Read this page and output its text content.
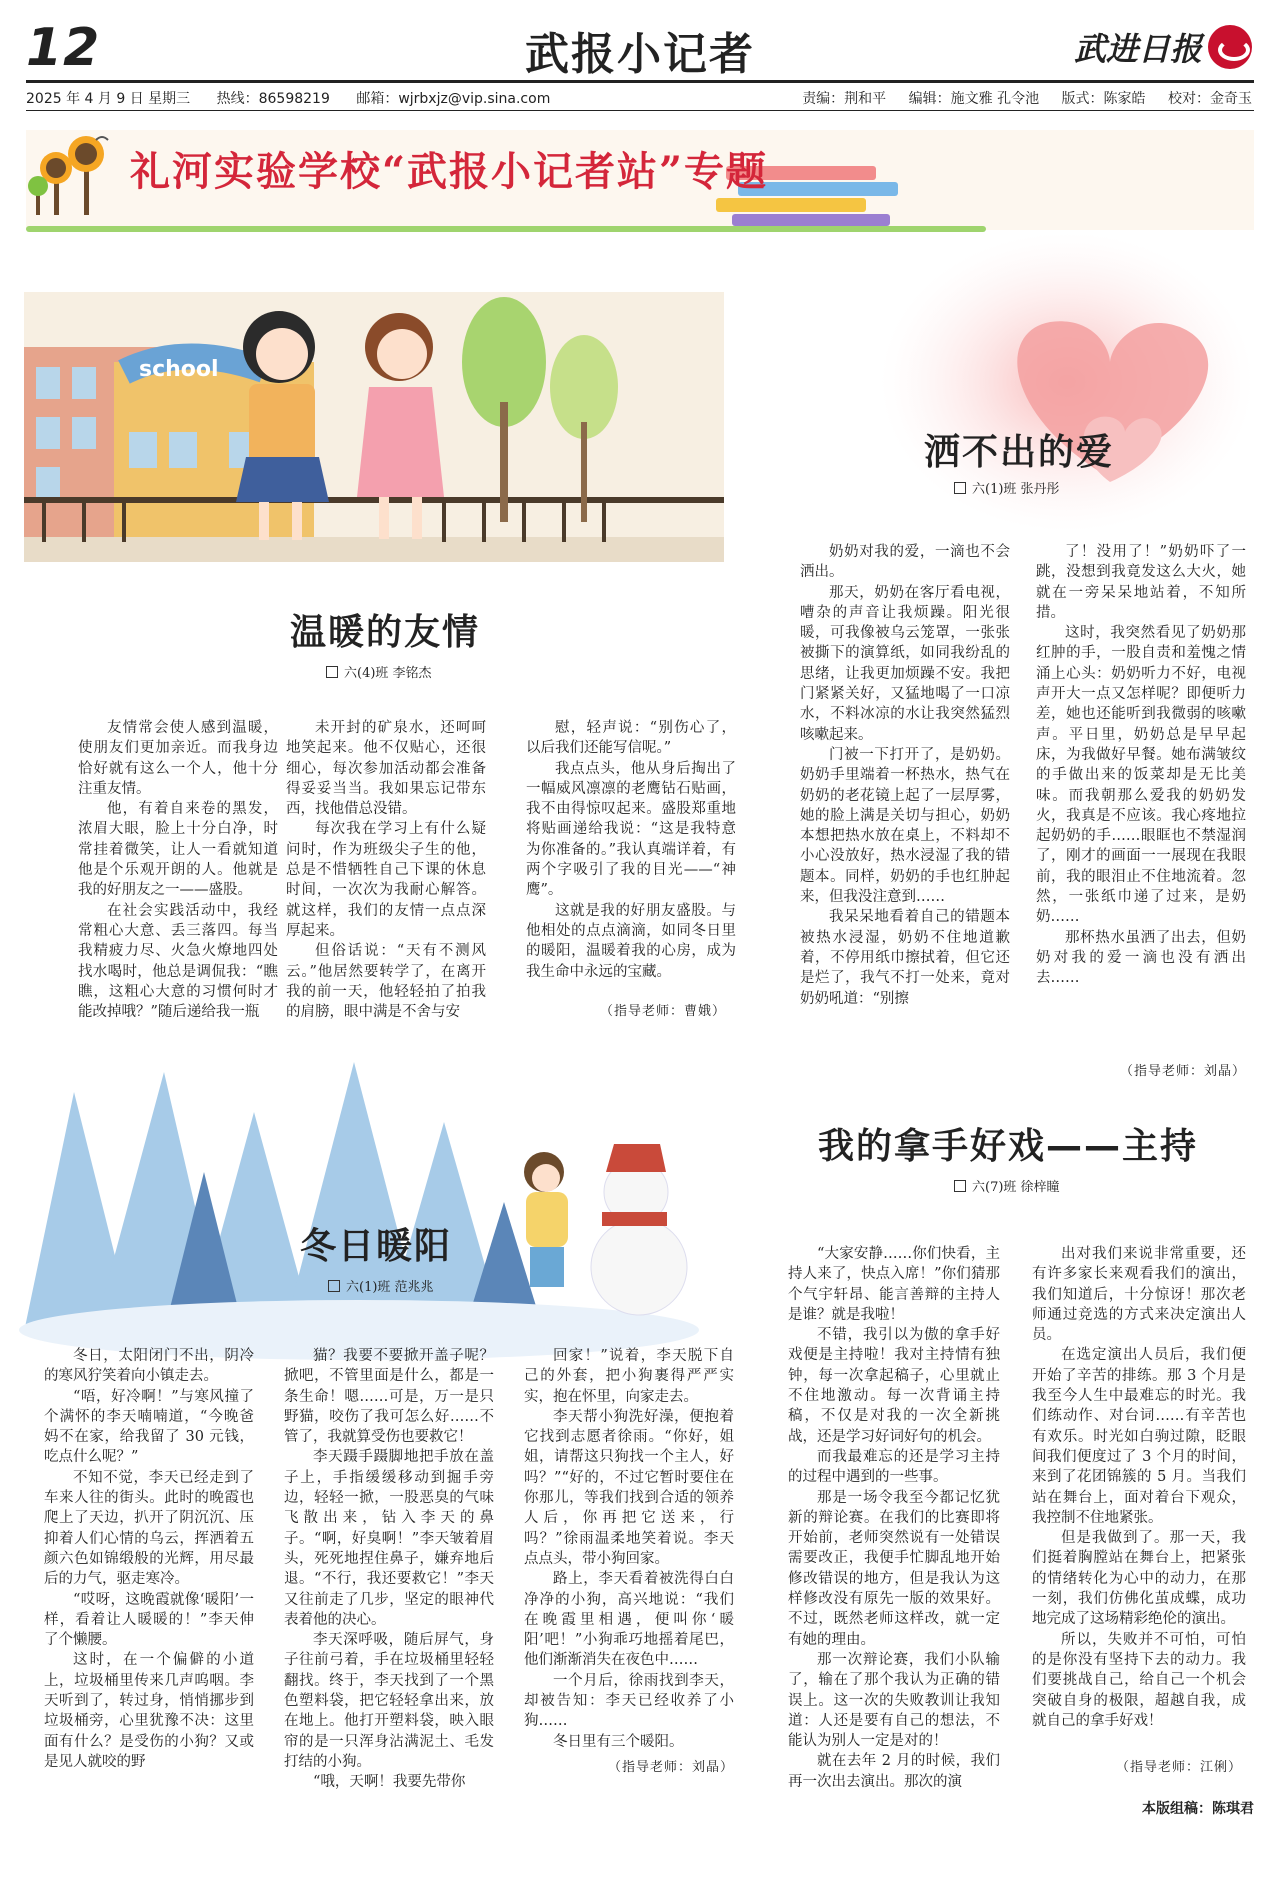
12	武报小记者	武进日报
2025 年 4 月 9 日 星期三 热线：86598219 邮箱：wjrbxjz@vip.sina.com	责编：荆和平 编辑：施文雅 孔令池 版式：陈家皓 校对：金奇玉
礼河实验学校“武报小记者站”专题
school
洒不出的爱
六(1)班 张丹彤

奶奶对我的爱，一滴也不会洒出。

那天，奶奶在客厅看电视，嘈杂的声音让我烦躁。阳光很暖，可我像被乌云笼罩，一张张被撕下的演算纸，如同我纷乱的思绪，让我更加烦躁不安。我把门紧紧关好，又猛地喝了一口凉水，不料冰凉的水让我突然猛烈咳嗽起来。

门被一下打开了，是奶奶。奶奶手里端着一杯热水，热气在奶奶的老花镜上起了一层厚雾，她的脸上满是关切与担心，奶奶本想把热水放在桌上，不料却不小心没放好，热水浸湿了我的错题本。同样，奶奶的手也红肿起来，但我没注意到……

我呆呆地看着自己的错题本被热水浸湿，奶奶不住地道歉着，不停用纸巾擦拭着，但它还是烂了，我气不打一处来，竟对奶奶吼道：“别擦

了！没用了！”奶奶吓了一跳，没想到我竟发这么大火，她就在一旁呆呆地站着，不知所措。

这时，我突然看见了奶奶那红肿的手，一股自责和羞愧之情涌上心头：奶奶听力不好，电视声开大一点又怎样呢？即便听力差，她也还能听到我微弱的咳嗽声。平日里，奶奶总是早早起床，为我做好早餐。她布满皱纹的手做出来的饭菜却是无比美味。而我朝那么爱我的奶奶发火，我真是不应该。我心疼地拉起奶奶的手……眼眶也不禁湿润了，刚才的画面一一展现在我眼前，我的眼泪止不住地流着。忽然，一张纸巾递了过来，是奶奶……

那杯热水虽洒了出去，但奶奶对我的爱一滴也没有洒出去……

（指导老师：刘晶）
温暖的友情
六(4)班 李铭杰

友情常会使人感到温暖，使朋友们更加亲近。而我身边恰好就有这么一个人，他十分注重友情。

他，有着自来卷的黑发，浓眉大眼，脸上十分白净，时常挂着微笑，让人一看就知道他是个乐观开朗的人。他就是我的好朋友之一——盛股。

在社会实践活动中，我经常粗心大意、丢三落四。每当我精疲力尽、火急火燎地四处找水喝时，他总是调侃我：“瞧瞧，这粗心大意的习惯何时才能改掉哦？”随后递给我一瓶

未开封的矿泉水，还呵呵地笑起来。他不仅贴心，还很细心，每次参加活动都会准备得妥妥当当。我如果忘记带东西，找他借总没错。

每次我在学习上有什么疑问时，作为班级尖子生的他，总是不惜牺牲自己下课的休息时间，一次次为我耐心解答。就这样，我们的友情一点点深厚起来。

但俗话说：“天有不测风云。”他居然要转学了，在离开我的前一天，他轻轻拍了拍我的肩膀，眼中满是不舍与安

慰，轻声说：“别伤心了，以后我们还能写信呢。”

我点点头，他从身后掏出了一幅威风凛凛的老鹰钻石贴画，我不由得惊叹起来。盛股郑重地将贴画递给我说：“这是我特意为你准备的。”我认真端详着，有两个字吸引了我的目光——“神鹰”。

这就是我的好朋友盛股。与他相处的点点滴滴，如同冬日里的暖阳，温暖着我的心房，成为我生命中永远的宝藏。

（指导老师：曹娥）
冬日暖阳
六(1)班 范兆兆
我的拿手好戏——主持
六(7)班 徐梓瞳

冬日，太阳闭门不出，阴冷的寒风狞笑着向小镇走去。

“唔，好冷啊！”与寒风撞了个满怀的李天喃喃道，“今晚爸妈不在家，给我留了 30 元钱，吃点什么呢？”

不知不觉，李天已经走到了车来人往的街头。此时的晚霞也爬上了天边，扒开了阴沉沉、压抑着人们心情的乌云，挥洒着五颜六色如锦缎般的光辉，用尽最后的力气，驱走寒冷。

“哎呀，这晚霞就像‘暖阳’一样，看着让人暖暖的！”李天伸了个懒腰。

这时，在一个偏僻的小道上，垃圾桶里传来几声呜咽。李天听到了，转过身，悄悄挪步到垃圾桶旁，心里犹豫不决：这里面有什么？是受伤的小狗？又或是见人就咬的野

猫？我要不要掀开盖子呢？掀吧，不管里面是什么，都是一条生命！嗯……可是，万一是只野猫，咬伤了我可怎么好……不管了，我就算受伤也要救它！

李天蹑手蹑脚地把手放在盖子上，手指缓缓移动到掘手旁边，轻轻一掀，一股恶臭的气味飞散出来，钻入李天的鼻子。“啊，好臭啊！”李天皱着眉头，死死地捏住鼻子，嫌弃地后退。“不行，我还要救它！”李天又往前走了几步，坚定的眼神代表着他的决心。

李天深呼吸，随后屏气，身子往前弓着，手在垃圾桶里轻轻翻找。终于，李天找到了一个黑色塑料袋，把它轻轻拿出来，放在地上。他打开塑料袋，映入眼帘的是一只浑身沾满泥土、毛发打结的小狗。

“哦，天啊！我要先带你

回家！”说着，李天脱下自己的外套，把小狗裹得严严实实，抱在怀里，向家走去。

李天帮小狗洗好澡，便抱着它找到志愿者徐雨。“你好，姐姐，请帮这只狗找一个主人，好吗？”“好的，不过它暂时要住在你那儿，等我们找到合适的领养人后，你再把它送来，行吗？”徐雨温柔地笑着说。李天点点头，带小狗回家。

路上，李天看着被洗得白白净净的小狗，高兴地说：“我们在晚霞里相遇，便叫你‘暖阳’吧！”小狗乖巧地摇着尾巴，他们渐渐消失在夜色中……

一个月后，徐雨找到李天，却被告知：李天已经收养了小狗……

冬日里有三个暖阳。

（指导老师：刘晶）

“大家安静……你们快看，主持人来了，快点入席！”你们猜那个气宇轩昂、能言善辩的主持人是谁？就是我啦！

不错，我引以为傲的拿手好戏便是主持啦！我对主持情有独钟，每一次拿起稿子，心里就止不住地激动。每一次背诵主持稿，不仅是对我的一次全新挑战，还是学习好词好句的机会。

而我最难忘的还是学习主持的过程中遇到的一些事。

那是一场令我至今都记忆犹新的辩论赛。在我们的比赛即将开始前，老师突然说有一处错误需要改正，我便手忙脚乱地开始修改错误的地方，但是我认为这样修改没有原先一版的效果好。不过，既然老师这样改，就一定有她的理由。

那一次辩论赛，我们小队输了，输在了那个我认为正确的错误上。这一次的失败教训让我知道：人还是要有自己的想法，不能认为别人一定是对的！

就在去年 2 月的时候，我们再一次出去演出。那次的演

出对我们来说非常重要，还有许多家长来观看我们的演出，我们知道后，十分惊讶！那次老师通过竞选的方式来决定演出人员。

在选定演出人员后，我们便开始了辛苦的排练。那 3 个月是我至今人生中最难忘的时光。我们练动作、对台词……有辛苦也有欢乐。时光如白驹过隙，眨眼间我们便度过了 3 个月的时间，来到了花团锦簇的 5 月。当我们站在舞台上，面对着台下观众，我控制不住地紧张。

但是我做到了。那一天，我们挺着胸膛站在舞台上，把紧张的情绪转化为心中的动力，在那一刻，我们仿佛化茧成蝶，成功地完成了这场精彩绝伦的演出。

所以，失败并不可怕，可怕的是你没有坚持下去的动力。我们要挑战自己，给自己一个机会突破自身的极限，超越自我，成就自己的拿手好戏！

（指导老师：江俐）
本版组稿：陈琪君
